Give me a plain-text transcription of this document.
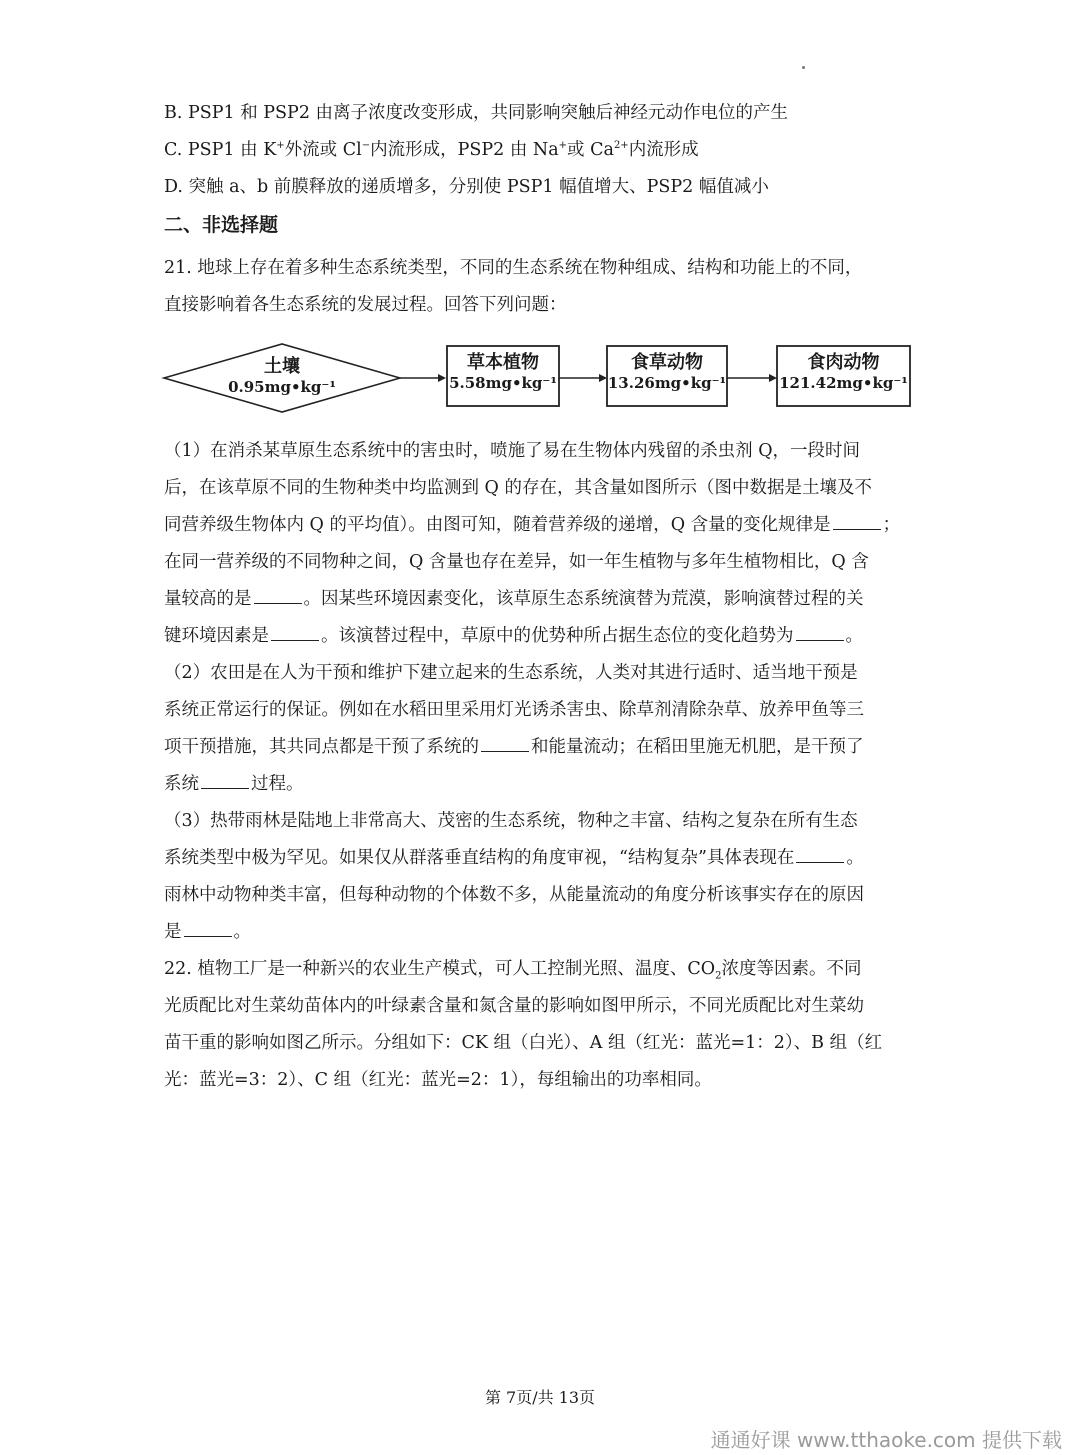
B. PSP1 和 PSP2 由离子浓度改变形成，共同影响突触后神经元动作电位的产生
C. PSP1 由 K+外流或 Cl−内流形成，PSP2 由 Na+或 $Ca^{2+}$内流形成
D. 突触 a、b 前膜释放的递质增多，分别使 PSP1 幅值增大、PSP2 幅值减小
二、非选择题
21. 地球上存在着多种生态系统类型，不同的生态系统在物种组成、结构和功能上的不同，
直接影响着各生态系统的发展过程。回答下列问题：
土壤
0.95mg•kg⁻¹
草本植物
5.58mg•kg⁻¹
食草动物
13.26mg•kg⁻¹
食肉动物
121.42mg•kg⁻¹
（1）在消杀某草原生态系统中的害虫时，喷施了易在生物体内残留的杀虫剂 Q，一段时间
后，在该草原不同的生物种类中均监测到 Q 的存在，其含量如图所示（图中数据是土壤及不
同营养级生物体内 Q 的平均值）。由图可知，随着营养级的递增，Q 含量的变化规律是	；
在同一营养级的不同物种之间，Q 含量也存在差异，如一年生植物与多年生植物相比，Q 含
量较高的是	。因某些环境因素变化，该草原生态系统演替为荒漠，影响演替过程的关
键环境因素是	。该演替过程中，草原中的优势种所占据生态位的变化趋势为	。
（2）农田是在人为干预和维护下建立起来的生态系统，人类对其进行适时、适当地干预是
系统正常运行的保证。例如在水稻田里采用灯光诱杀害虫、除草剂清除杂草、放养甲鱼等三
项干预措施，其共同点都是干预了系统的	和能量流动；在稻田里施无机肥，是干预了
系统	过程。
（3）热带雨林是陆地上非常高大、茂密的生态系统，物种之丰富、结构之复杂在所有生态
系统类型中极为罕见。如果仅从群落垂直结构的角度审视，“结构复杂”具体表现在	。
雨林中动物种类丰富，但每种动物的个体数不多，从能量流动的角度分析该事实存在的原因
是	。
22. 植物工厂是一种新兴的农业生产模式，可人工控制光照、温度、$CO_2$浓度等因素。不同
光质配比对生菜幼苗体内的叶绿素含量和氮含量的影响如图甲所示，不同光质配比对生菜幼
苗干重的影响如图乙所示。分组如下：CK 组（白光）、A 组（红光：蓝光=1：2）、B 组（红
光：蓝光=3：2）、C 组（红光：蓝光=2：1），每组输出的功率相同。
第 7页/共 13页
通通好课 www.tthaoke.com 提供下载
